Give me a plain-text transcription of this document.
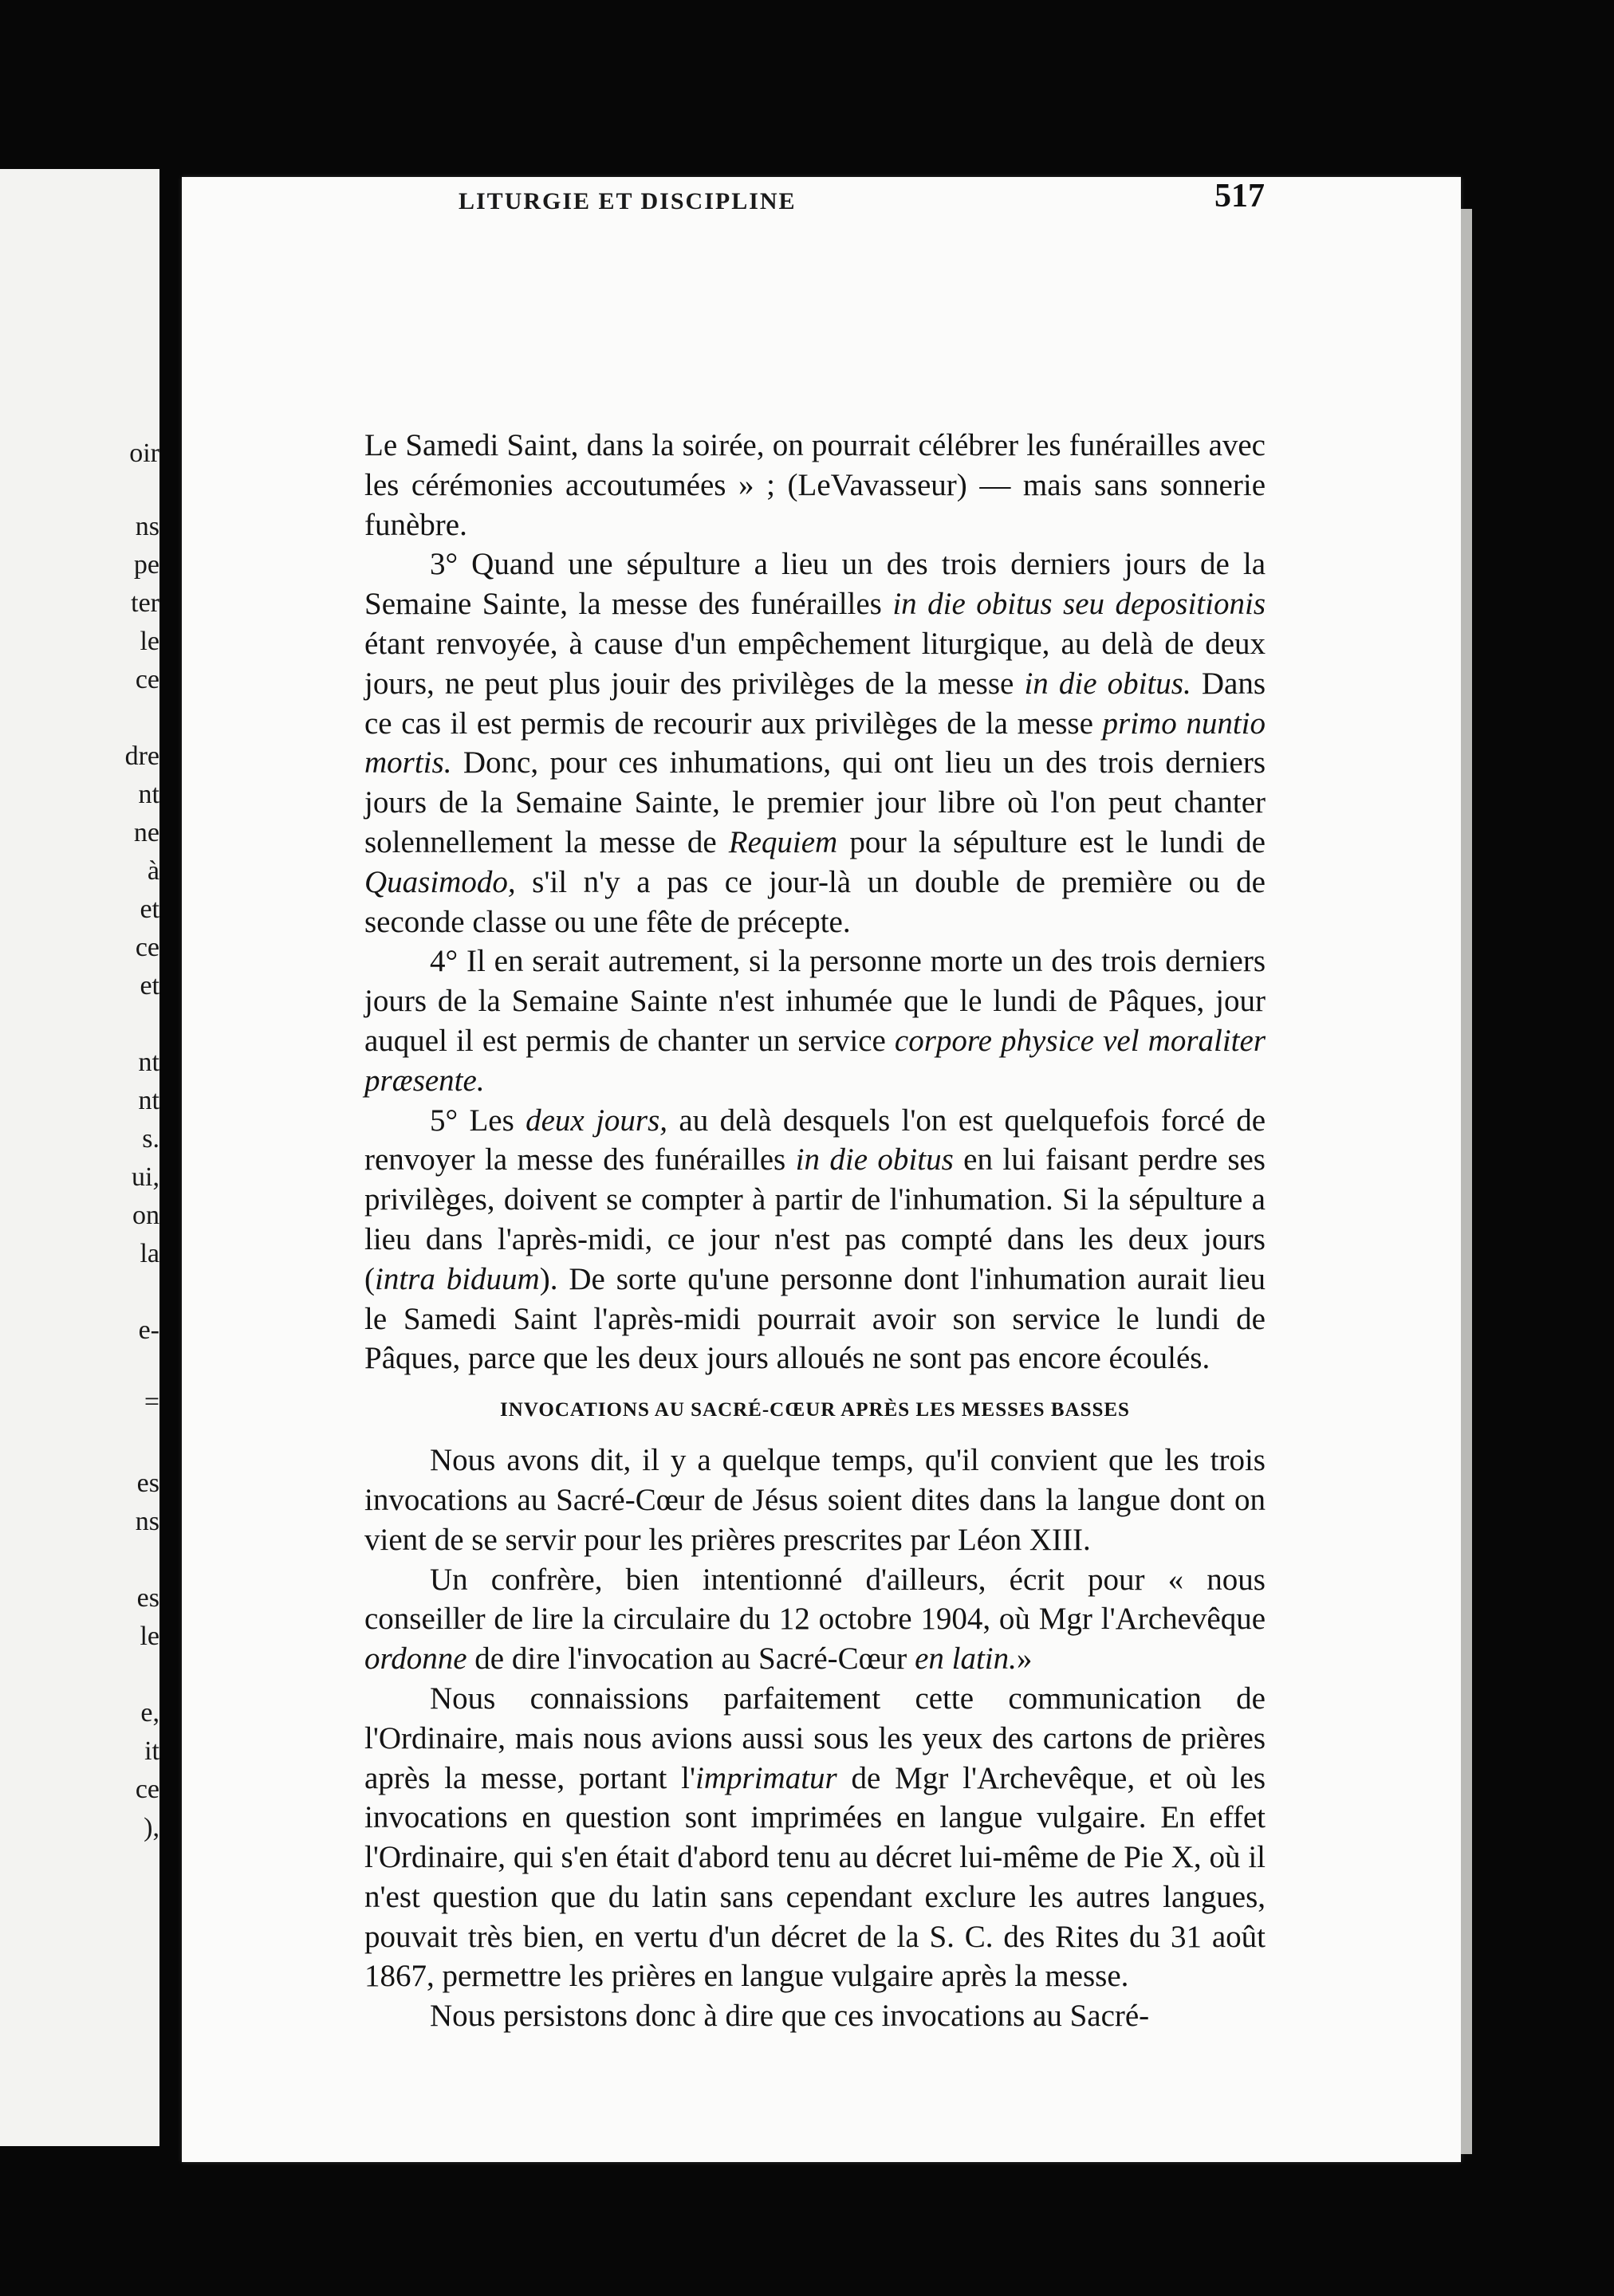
oir
ns
pe
ter
le
ce
dre
nt
ne
à
et
ce
et
nt
nt
s.
ui,
on
la
e-
=
es
ns
es
le
e,
it
ce
),
LITURGIE ET DISCIPLINE	517

Le Samedi Saint, dans la soirée, on pourrait célébrer les funérailles avec les cérémonies accoutumées » ; (LeVavasseur) — mais sans sonnerie funèbre.

3° Quand une sépulture a lieu un des trois derniers jours de la Semaine Sainte, la messe des funérailles in die obitus seu depositionis étant renvoyée, à cause d'un empêchement liturgique, au delà de deux jours, ne peut plus jouir des privilèges de la messe in die obitus. Dans ce cas il est permis de recourir aux privilèges de la messe primo nuntio mortis. Donc, pour ces inhumations, qui ont lieu un des trois derniers jours de la Semaine Sainte, le premier jour libre où l'on peut chanter solennellement la messe de Requiem pour la sépulture est le lundi de Quasimodo, s'il n'y a pas ce jour-là un double de première ou de seconde classe ou une fête de précepte.

4° Il en serait autrement, si la personne morte un des trois derniers jours de la Semaine Sainte n'est inhumée que le lundi de Pâques, jour auquel il est permis de chanter un service corpore physice vel moraliter præsente.

5° Les deux jours, au delà desquels l'on est quelquefois forcé de renvoyer la messe des funérailles in die obitus en lui faisant perdre ses privilèges, doivent se compter à partir de l'inhumation. Si la sépulture a lieu dans l'après-midi, ce jour n'est pas compté dans les deux jours (intra biduum). De sorte qu'une personne dont l'inhumation aurait lieu le Samedi Saint l'après-midi pourrait avoir son service le lundi de Pâques, parce que les deux jours alloués ne sont pas encore écoulés.

INVOCATIONS AU SACRÉ-CŒUR APRÈS LES MESSES BASSES

Nous avons dit, il y a quelque temps, qu'il convient que les trois invocations au Sacré-Cœur de Jésus soient dites dans la langue dont on vient de se servir pour les prières prescrites par Léon XIII.

Un confrère, bien intentionné d'ailleurs, écrit pour « nous conseiller de lire la circulaire du 12 octobre 1904, où Mgr l'Archevêque ordonne de dire l'invocation au Sacré-Cœur en latin.»

Nous connaissions parfaitement cette communication de l'Ordinaire, mais nous avions aussi sous les yeux des cartons de prières après la messe, portant l'imprimatur de Mgr l'Archevêque, et où les invocations en question sont imprimées en langue vulgaire. En effet l'Ordinaire, qui s'en était d'abord tenu au décret lui-même de Pie X, où il n'est question que du latin sans cependant exclure les autres langues, pouvait très bien, en vertu d'un décret de la S. C. des Rites du 31 août 1867, permettre les prières en langue vulgaire après la messe.

Nous persistons donc à dire que ces invocations au Sacré-
